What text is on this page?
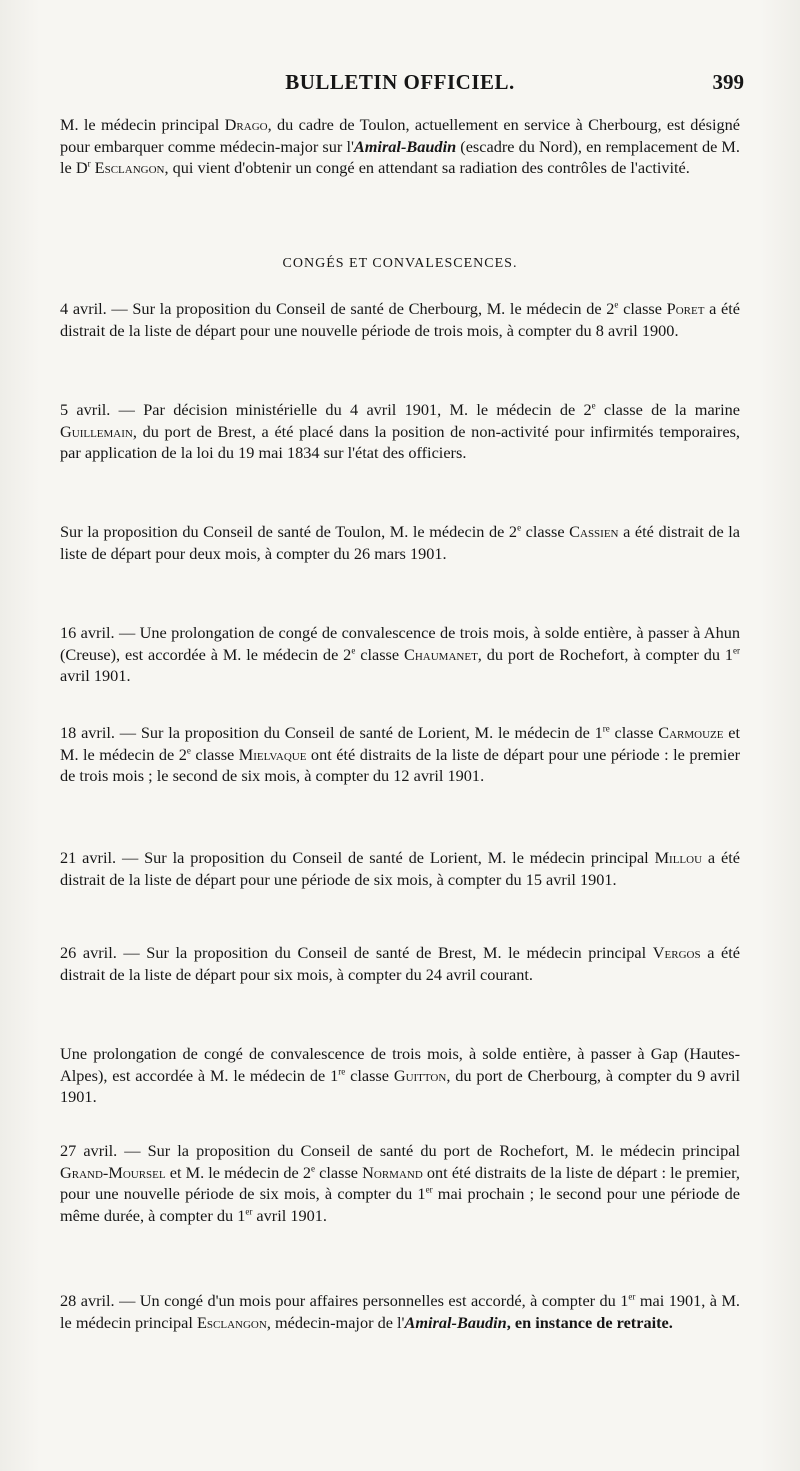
BULLETIN OFFICIEL.	399

M. le médecin principal Drago, du cadre de Toulon, actuellement en service à Cherbourg, est désigné pour embarquer comme médecin-major sur l'Amiral-Baudin (escadre du Nord), en remplacement de M. le $D^r$ Esclangon, qui vient d'obtenir un congé en attendant sa radiation des contrôles de l'activité.

CONGÉS ET CONVALESCENCES.

4 avril. — Sur la proposition du Conseil de santé de Cherbourg, M. le médecin de 2e classe Poret a été distrait de la liste de départ pour une nouvelle période de trois mois, à compter du 8 avril 1900.

5 avril. — Par décision ministérielle du 4 avril 1901, M. le médecin de 2e classe de la marine Guillemain, du port de Brest, a été placé dans la position de non-activité pour infirmités temporaires, par application de la loi du 19 mai 1834 sur l'état des officiers.

Sur la proposition du Conseil de santé de Toulon, M. le médecin de 2e classe Cassien a été distrait de la liste de départ pour deux mois, à compter du 26 mars 1901.

16 avril. — Une prolongation de congé de convalescence de trois mois, à solde entière, à passer à Ahun (Creuse), est accordée à M. le médecin de 2e classe Chaumanet, du port de Rochefort, à compter du 1er avril 1901.

18 avril. — Sur la proposition du Conseil de santé de Lorient, M. le médecin de 1re classe Carmouze et M. le médecin de 2e classe Mielvaque ont été distraits de la liste de départ pour une période : le premier de trois mois ; le second de six mois, à compter du 12 avril 1901.

21 avril. — Sur la proposition du Conseil de santé de Lorient, M. le médecin principal Millou a été distrait de la liste de départ pour une période de six mois, à compter du 15 avril 1901.

26 avril. — Sur la proposition du Conseil de santé de Brest, M. le médecin principal Vergos a été distrait de la liste de départ pour six mois, à compter du 24 avril courant.

Une prolongation de congé de convalescence de trois mois, à solde entière, à passer à Gap (Hautes-Alpes), est accordée à M. le médecin de 1re classe Guitton, du port de Cherbourg, à compter du 9 avril 1901.

27 avril. — Sur la proposition du Conseil de santé du port de Rochefort, M. le médecin principal Grand-Moursel et M. le médecin de 2e classe Normand ont été distraits de la liste de départ : le premier, pour une nouvelle période de six mois, à compter du 1er mai prochain ; le second pour une période de même durée, à compter du 1er avril 1901.

28 avril. — Un congé d'un mois pour affaires personnelles est accordé, à compter du 1er mai 1901, à M. le médecin principal Esclangon, médecin-major de l'Amiral-Baudin, en instance de retraite.
